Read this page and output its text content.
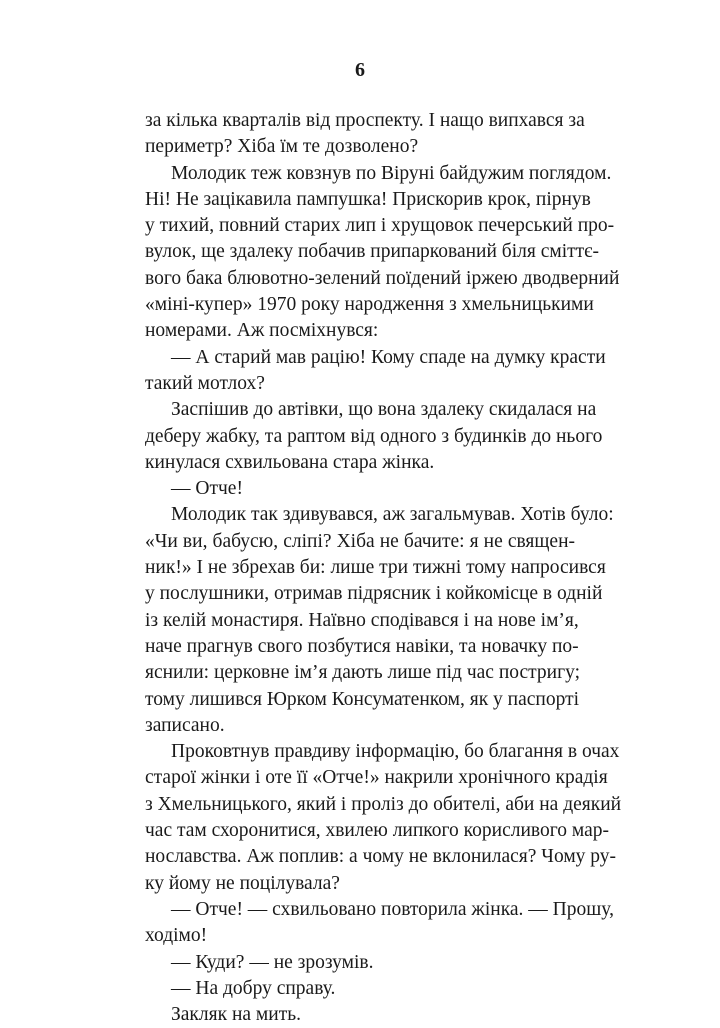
6
за кілька кварталів від проспекту. І нащо випхався за
периметр? Хіба їм те дозволено?
Молодик теж ковзнув по Віруні байдужим поглядом.
Ні! Не зацікавила пампушка! Прискорив крок, пірнув
у тихий, повний старих лип і хрущовок печерський про-
вулок, ще здалеку побачив припаркований біля сміттє-
вого бака блювотно-зелений поїдений іржею дводверний
«міні-купер» 1970 року народження з хмельницькими
номерами. Аж посміхнувся:
— А старий мав рацію! Кому спаде на думку красти
такий мотлох?
Заспішив до автівки, що вона здалеку скидалася на
деберу жабку, та раптом від одного з будинків до нього
кинулася схвильована стара жінка.
— Отче!
Молодик так здивувався, аж загальмував. Хотів було:
«Чи ви, бабусю, сліпі? Хіба не бачите: я не священ-
ник!» І не збрехав би: лише три тижні тому напросився
у послушники, отримав підрясник і койкомісце в одній
із келій монастиря. Наївно сподівався і на нове ім’я,
наче прагнув свого позбутися навіки, та новачку по-
яснили: церковне ім’я дають лише під час постригу;
тому лишився Юрком Консуматенком, як у паспорті
записано.
Проковтнув правдиву інформацію, бо благання в очах
старої жінки і оте її «Отче!» накрили хронічного крадія
з Хмельницького, який і проліз до обителі, аби на деякий
час там схоронитися, хвилею липкого корисливого мар-
нославства. Аж поплив: а чому не вклонилася? Чому ру-
ку йому не поцілувала?
— Отче! — схвильовано повторила жінка. — Прошу,
ходімо!
— Куди? — не зрозумів.
— На добру справу.
Закляк на мить.
